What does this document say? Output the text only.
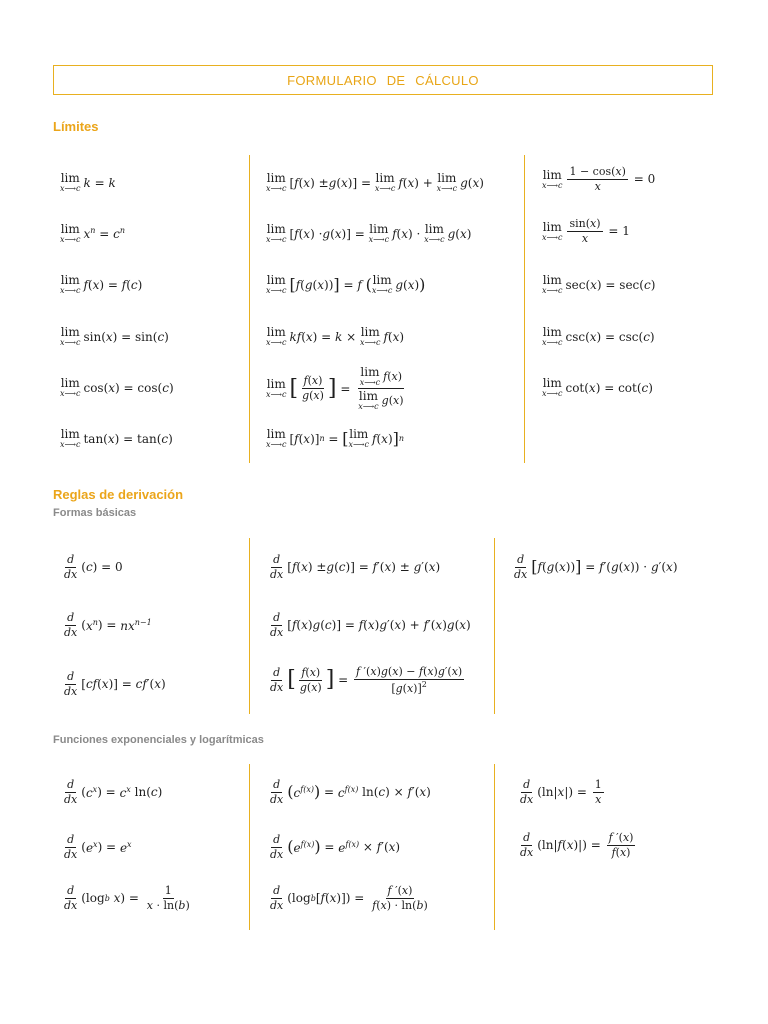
FORMULARIO DE CÁLCULO
Límites
lim
x⟶c k = k
lim
x⟶c $x^n = c^n$
lim
x⟶c f ( x ) = f ( c )
lim
x⟶c sin( x ) = sin( c )
lim
x⟶c cos( x ) = cos( c )
lim
x⟶c tan( x ) = tan( c )
lim
x⟶c [ f ( x ) ± g ( x )] = lim
x⟶c f ( x ) + lim
x⟶c g ( x )
lim
x⟶c [ f ( x ) · g ( x )] = lim
x⟶c f ( x ) · lim
x⟶c g ( x )
lim
x⟶c [ f ( g ( x )) ] = f
( lim
x⟶c g ( x ) )
lim
x⟶c kf ( x ) = k × lim
x⟶c f ( x )
lim
x⟶c [ $\frac{f(x)}{g(x)}$ ] = lim
x⟶c f ( x )
lim
x⟶c g ( x )
lim
x⟶c [ f ( x )] n = [ lim
x⟶c f ( x ) ] n
lim
x⟶c $\frac{1 - \cos(x)}{x} = 0$
lim
x⟶c $\frac{\sin(x)}{x} = 1$
lim
x⟶c sec( x ) = sec( c )
lim
x⟶c csc( x ) = csc( c )
lim
x⟶c cot( x ) = cot( c )
Reglas de derivación
Formas básicas
$\frac{d}{dx}$ ( c ) = 0
$\frac{d}{dx}$ ( $x^n$ ) = $nx^{n-1}$
$\frac{d}{dx}$ [ cf ( x )] = cf ′( x )
$\frac{d}{dx}$ [ f ( x ) ± g ( c )] = f ′( x ) ± g ′( x )
$\frac{d}{dx}$ [ f ( x ) g ( c )] = f ( x ) g ′( x ) + f ′( x ) g ( x )
$\frac{d}{dx}$ [ $\frac{f(x)}{g(x)}$ ] = $\frac{f '(x)g(x) - f(x)g'(x)}{[g(x)]^2}$
$\frac{d}{dx}$ [ f ( g ( x )) ] = f ′( g ( x )) · g ′( x )
Funciones exponenciales y logarítmicas
$\frac{d}{dx}$ ( $c^x$ ) = $c^x$ ln( c )
$\frac{d}{dx}$ ( $e^x$ ) = $e^x$
$\frac{d}{dx} (\log$ b
x ) = $\frac{1}{x \cdot \ln(b)}$
$\frac{d}{dx}$ ( $c^{f(x)}$ ) = $c^{f(x)}$ ln( c ) × f ′( x )
$\frac{d}{dx}$ ( $e^{f(x)}$ ) = $e^{f(x)} \times f$ ′( x )
$\frac{d}{dx} (\log$ b [ f ( x )]) = $\frac{f '(x)}{f(x) \cdot \ln(b)}$
$\frac{d}{dx} (\ln|$ x |) = $\frac{1}{x}$
$\frac{d}{dx} (\ln|$ f ( x )|) = $\frac{f '(x)}{f(x)}$
